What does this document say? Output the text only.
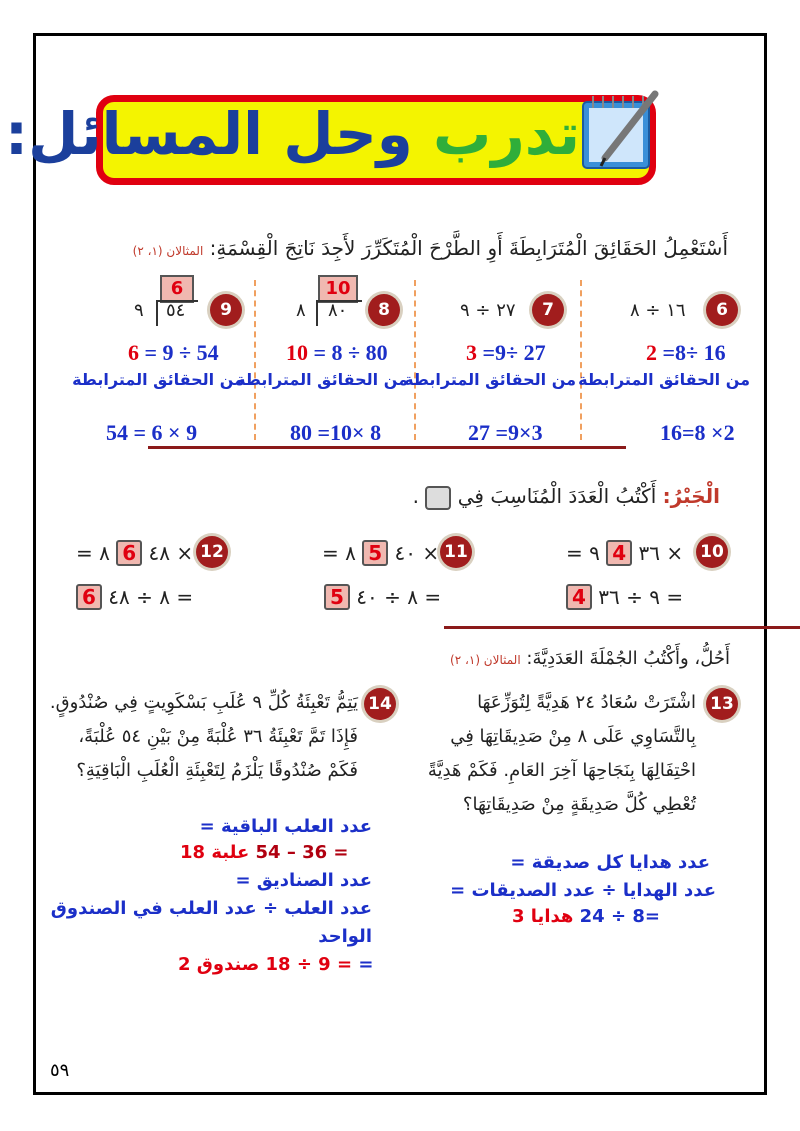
تدرب وحل المسائل:
أَسْتَعْمِلُ الحَقَائِقَ الْمُتَرَابِطَةَ أَوِ الطَّرْحَ الْمُتَكَرِّرَ لأَجِدَ نَاتِجَ الْقِسْمَةِ: المثالان (١، ٢)
6
١٦ ÷ ٨
7
٢٧ ÷ ٩
8
10
٨٠
٨
9
6
٥٤
٩
2 =8÷ 16
3 =9÷ 27
10 = 8 ÷ 80
6 = 9 ÷ 54
من الحقائق المترابطة
من الحقائق المترابطة
من الحقائق المترابطة
من الحقائق المترابطة
16=8 ×2
27 =9×3
80 =10× 8
54 = 6 × 9
الْجَبْرُ: أَكْتُبُ الْعَدَدَ الْمُنَاسِبَ فِي  .
10
= ٣٦ 4 ٩ ×
4 ٩ ÷ ٣٦ =
11
= ٤٠ 5 ٨ ×
5 ٨ ÷ ٤٠ =
12
= ٤٨ 6 ٨ ×
6 ٨ ÷ ٤٨ =
أَحُلُّ، وأَكْتُبُ الجُمْلَةَ العَدَدِيَّةَ: المثالان (١، ٢)
13
اشْتَرَتْ سُعَادُ ٢٤ هَدِيَّةً لِتُوَزِّعَهَا بِالتَّسَاوِي عَلَى ٨ مِنْ صَدِيقَاتِهَا فِي احْتِفَالِهَا بِنَجَاحِهَا آخِرَ العَامِ. فَكَمْ هَدِيَّةً تُعْطِي كُلَّ صَدِيقَةٍ مِنْ صَدِيقَاتِهَا؟
14
يَتِمُّ تَعْبِئَةُ كُلِّ ٩ عُلَبِ بَسْكَوِيتٍ فِي صُنْدُوقٍ. فَإِذَا تَمَّ تَعْبِئَةُ ٣٦ عُلْبَةً مِنْ بَيْنِ ٥٤ عُلْبَةً، فَكَمْ صُنْدُوقًا يَلْزَمُ لِتَعْبِئَةِ الْعُلَبِ الْبَاقِيَةِ؟
عدد هدايا كل صديقة =
عدد الهدايا ÷ عدد الصديقات =
3 هدايا 24 ÷ 8=
عدد العلب الباقية =
18 علبة 54 – 36 =
عدد الصناديق =
عدد العلب ÷ عدد العلب في الصندوق
الواحد
2 صندوق 18 ÷ 9 = =
٥٩
